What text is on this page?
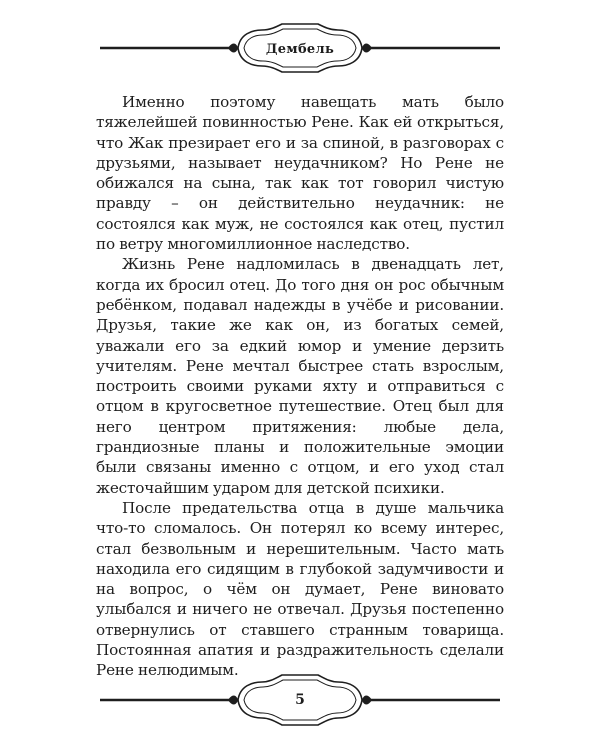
Дембель

Именно поэтому навещать мать было тяжелейшей повинностью Рене. Как ей открыться, что Жак презирает его и за спиной, в разговорах с друзьями, называет неудачником? Но Рене не обижался на сына, так как тот говорил чистую правду – он действительно неудачник: не состоялся как муж, не состоялся как отец, пустил по ветру многомиллионное наследство.

Жизнь Рене надломилась в двенадцать лет, когда их бросил отец. До того дня он рос обычным ребёнком, подавал надежды в учёбе и рисовании. Друзья, такие же как он, из богатых семей, уважали его за едкий юмор и умение дерзить учителям. Рене мечтал быстрее стать взрослым, построить своими руками яхту и отправиться с отцом в кругосветное путешествие. Отец был для него центром притяжения: любые дела, грандиозные планы и положительные эмоции были связаны именно с отцом, и его уход стал жесточайшим ударом для детской психики.

После предательства отца в душе мальчика что-то сломалось. Он потерял ко всему интерес, стал безвольным и нерешительным. Часто мать находила его сидящим в глубокой задумчивости и на вопрос, о чём он думает, Рене виновато улыбался и ничего не отвечал. Друзья постепенно отвернулись от ставшего странным товарища. Постоянная апатия и раздражительность сделали Рене нелюдимым.

5
